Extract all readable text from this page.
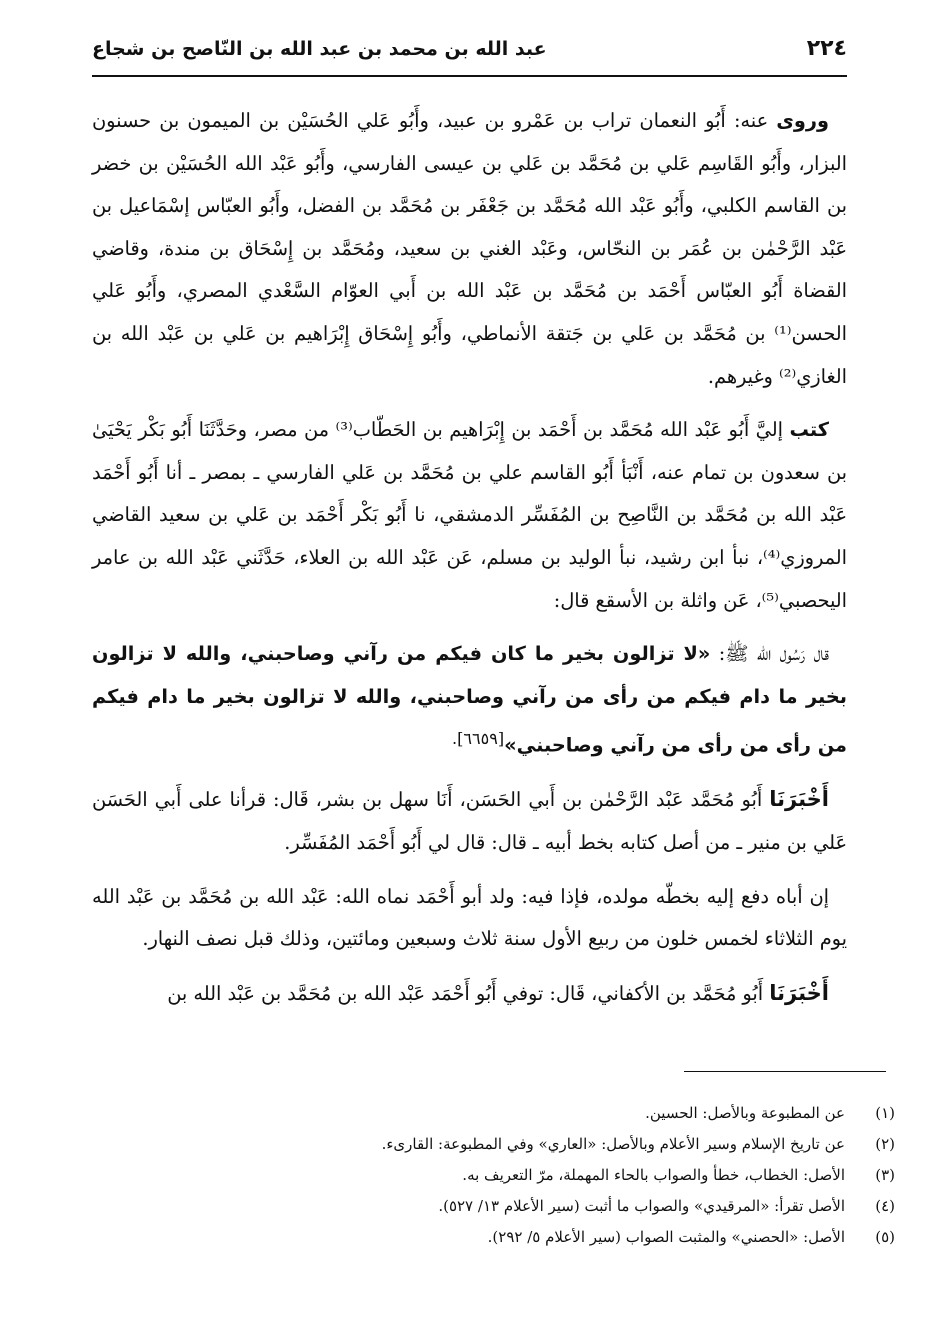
٢٢٤
عبد الله بن محمد بن عبد الله بن النّاصح بن شجاع

وروى عنه: أَبُو النعمان تراب بن عَمْرو بن عبيد، وأَبُو عَلي الحُسَيْن بن الميمون بن حسنون البزار، وأَبُو القَاسِم عَلي بن مُحَمَّد بن عَلي بن عيسى الفارسي، وأَبُو عَبْد الله الحُسَيْن بن خضر بن القاسم الكلبي، وأَبُو عَبْد الله مُحَمَّد بن جَعْفَر بن مُحَمَّد بن الفضل، وأَبُو العبّاس إسْمَاعيل بن عَبْد الرَّحْمٰن بن عُمَر بن النحّاس، وعَبْد الغني بن سعيد، ومُحَمَّد بن إِسْحَاق بن مندة، وقاضي القضاة أَبُو العبّاس أَحْمَد بن مُحَمَّد بن عَبْد الله بن أَبي العوّام السَّعْدي المصري، وأَبُو عَلي الحسن⁽¹⁾ بن مُحَمَّد بن عَلي بن جَتقة الأنماطي، وأَبُو إِسْحَاق إِبْرَاهيم بن عَلي بن عَبْد الله بن الغازي⁽²⁾ وغيرهم.

كتب إليَّ أَبُو عَبْد الله مُحَمَّد بن أَحْمَد بن إِبْرَاهيم بن الحَطّاب⁽³⁾ من مصر، وحَدَّثَنَا أَبُو بَكْر يَحْيَىٰ بن سعدون بن تمام عنه، أَنْبَأ أَبُو القاسم علي بن مُحَمَّد بن عَلي الفارسي ـ بمصر ـ أنا أَبُو أَحْمَد عَبْد الله بن مُحَمَّد بن النَّاصِح بن المُفَسِّر الدمشقي، نا أَبُو بَكْر أَحْمَد بن عَلي بن سعيد القاضي المروزي⁽⁴⁾، نبأ ابن رشيد، نبأ الوليد بن مسلم، عَن عَبْد الله بن العلاء، حَدَّثَني عَبْد الله بن عامر اليحصبي⁽⁵⁾، عَن واثلة بن الأسقع قال:

قال رَسُول الله ﷺ: «لا تزالون بخير ما كان فيكم من رآني وصاحبني، والله لا تزالون بخير ما دام فيكم من رأى من رآني وصاحبني، والله لا تزالون بخير ما دام فيكم من رأى من رأى من رآني وصاحبني»$^{[٦٦٥٩].}$

أَخْبَرَنَا أَبُو مُحَمَّد عَبْد الرَّحْمٰن بن أَبي الحَسَن، أَنَا سهل بن بشر، قَال: قرأنا على أَبي الحَسَن عَلي بن منير ـ من أصل كتابه بخط أبيه ـ قال: قال لي أَبُو أَحْمَد المُفَسِّر.

إن أباه دفع إليه بخطّه مولده، فإذا فيه: ولد أبو أَحْمَد نماه الله: عَبْد الله بن مُحَمَّد بن عَبْد الله يوم الثلاثاء لخمس خلون من ربيع الأول سنة ثلاث وسبعين ومائتين، وذلك قبل نصف النهار.

أَخْبَرَنَا أَبُو مُحَمَّد بن الأكفاني، قَال: توفي أَبُو أَحْمَد عَبْد الله بن مُحَمَّد بن عَبْد الله بن

(١)عن المطبوعة وبالأصل: الحسين.
(٢)عن تاريخ الإسلام وسير الأعلام وبالأصل: «العاري» وفي المطبوعة: القارىء.
(٣)الأصل: الخطاب، خطأ والصواب بالحاء المهملة، مرّ التعريف به.
(٤)الأصل تقرأ: «المرقيدي» والصواب ما أثبت (سير الأعلام ١٣/ ٥٢٧).
(٥)الأصل: «الحصني» والمثبت الصواب (سير الأعلام ٥/ ٢٩٢).
